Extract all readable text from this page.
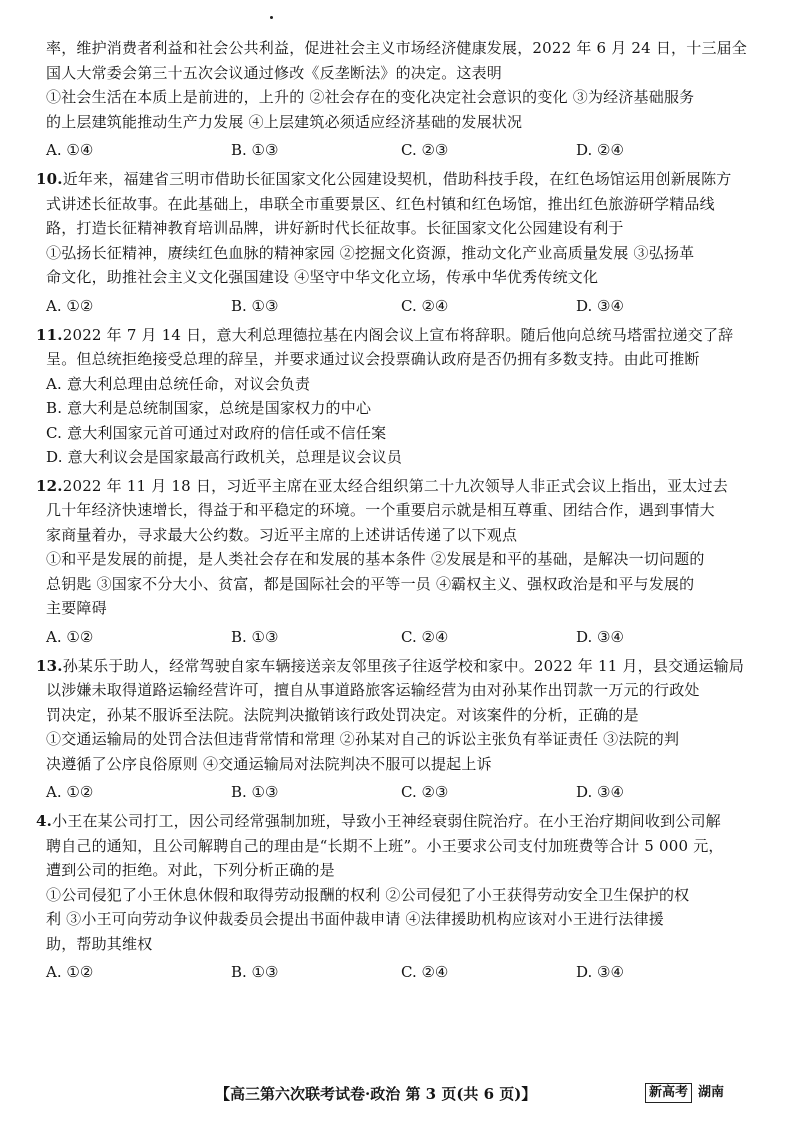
率，维护消费者利益和社会公共利益，促进社会主义市场经济健康发展，2022 年 6 月 24 日，十三届全
国人大常委会第三十五次会议通过修改《反垄断法》的决定。这表明
①社会生活在本质上是前进的，上升的 ②社会存在的变化决定社会意识的变化 ③为经济基础服务
的上层建筑能推动生产力发展 ④上层建筑必须适应经济基础的发展状况
A. ①④	B. ①③	C. ②③	D. ②④
10.近年来，福建省三明市借助长征国家文化公园建设契机，借助科技手段，在红色场馆运用创新展陈方
式讲述长征故事。在此基础上，串联全市重要景区、红色村镇和红色场馆，推出红色旅游研学精品线
路，打造长征精神教育培训品牌，讲好新时代长征故事。长征国家文化公园建设有利于
①弘扬长征精神，赓续红色血脉的精神家园 ②挖掘文化资源，推动文化产业高质量发展 ③弘扬革
命文化，助推社会主义文化强国建设 ④坚守中华文化立场，传承中华优秀传统文化
A. ①②	B. ①③	C. ②④	D. ③④
11.2022 年 7 月 14 日，意大利总理德拉基在内阁会议上宣布将辞职。随后他向总统马塔雷拉递交了辞
呈。但总统拒绝接受总理的辞呈，并要求通过议会投票确认政府是否仍拥有多数支持。由此可推断
A. 意大利总理由总统任命，对议会负责
B. 意大利是总统制国家，总统是国家权力的中心
C. 意大利国家元首可通过对政府的信任或不信任案
D. 意大利议会是国家最高行政机关，总理是议会议员
12.2022 年 11 月 18 日，习近平主席在亚太经合组织第二十九次领导人非正式会议上指出，亚太过去
几十年经济快速增长，得益于和平稳定的环境。一个重要启示就是相互尊重、团结合作，遇到事情大
家商量着办，寻求最大公约数。习近平主席的上述讲话传递了以下观点
①和平是发展的前提，是人类社会存在和发展的基本条件 ②发展是和平的基础，是解决一切问题的
总钥匙 ③国家不分大小、贫富，都是国际社会的平等一员 ④霸权主义、强权政治是和平与发展的
主要障碍
A. ①②	B. ①③	C. ②④	D. ③④
13.孙某乐于助人，经常驾驶自家车辆接送亲友邻里孩子往返学校和家中。2022 年 11 月，县交通运输局
以涉嫌未取得道路运输经营许可，擅自从事道路旅客运输经营为由对孙某作出罚款一万元的行政处
罚决定，孙某不服诉至法院。法院判决撤销该行政处罚决定。对该案件的分析，正确的是
①交通运输局的处罚合法但违背常情和常理 ②孙某对自己的诉讼主张负有举证责任 ③法院的判
决遵循了公序良俗原则 ④交通运输局对法院判决不服可以提起上诉
A. ①②	B. ①③	C. ②③	D. ③④
4.小王在某公司打工，因公司经常强制加班，导致小王神经衰弱住院治疗。在小王治疗期间收到公司解
聘自己的通知，且公司解聘自己的理由是“长期不上班”。小王要求公司支付加班费等合计 5 000 元，
遭到公司的拒绝。对此，下列分析正确的是
①公司侵犯了小王休息休假和取得劳动报酬的权利 ②公司侵犯了小王获得劳动安全卫生保护的权
利 ③小王可向劳动争议仲裁委员会提出书面仲裁申请 ④法律援助机构应该对小王进行法律援
助，帮助其维权
A. ①②	B. ①③	C. ②④	D. ③④
【高三第六次联考试卷·政治 第 3 页(共 6 页)】	新高考 湖南
